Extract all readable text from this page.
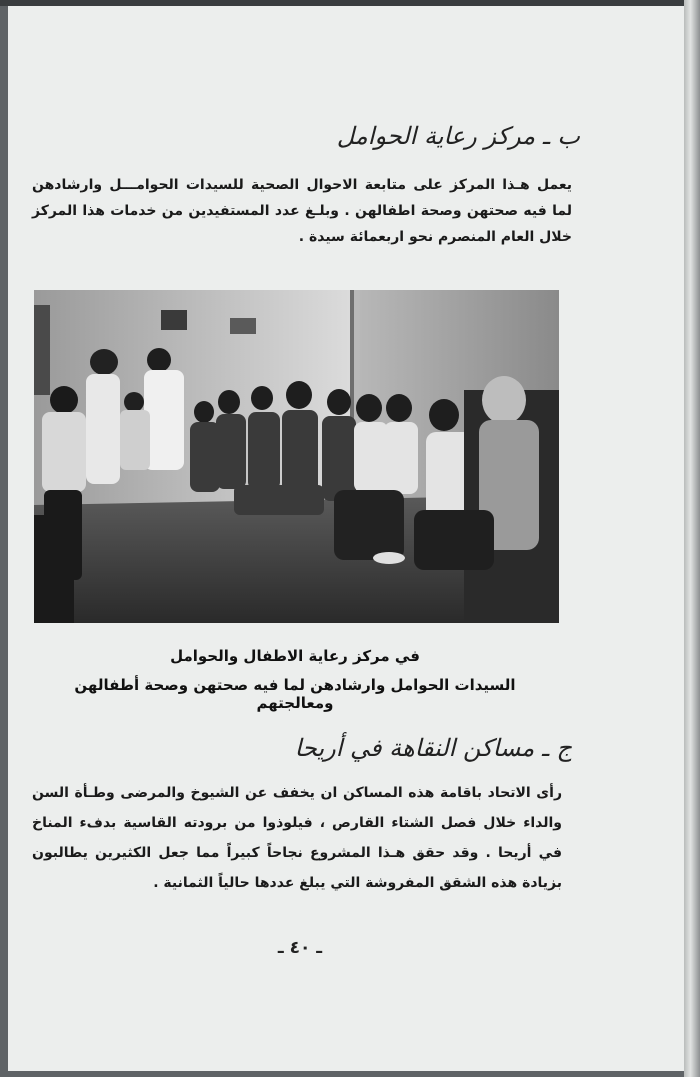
ب ـ مركز رعاية الحوامل
يعمل هـذا المركز على متابعة الاحوال الصحية للسيدات الحوامـــل وارشادهن لما فيه صحتهن وصحة اطفالهن . وبلـغ عدد المستفيدين من خدمات هذا المركز خلال العام المنصرم نحو اربعمائة سيدة .
في مركز رعاية الاطفال والحوامل
السيدات الحوامل وارشادهن لما فيه صحتهن وصحة أطفالهن ومعالجتهم
ج ـ مساكن النقاهة في أريحا
رأى الاتحاد باقامة هذه المساكن ان يخفف عن الشيوخ والمرضى وطـأة السن والداء خلال فصل الشتاء القارص ، فيلوذوا من برودته القاسية بدفء المناخ في أريحا . وقد حقق هـذا المشروع نجاحاً كبيراً مما جعل الكثيرين يطالبون بزيادة هذه الشقق المفروشة التي يبلغ عددها حالياً الثمانية .
ـ ٤٠ ـ
